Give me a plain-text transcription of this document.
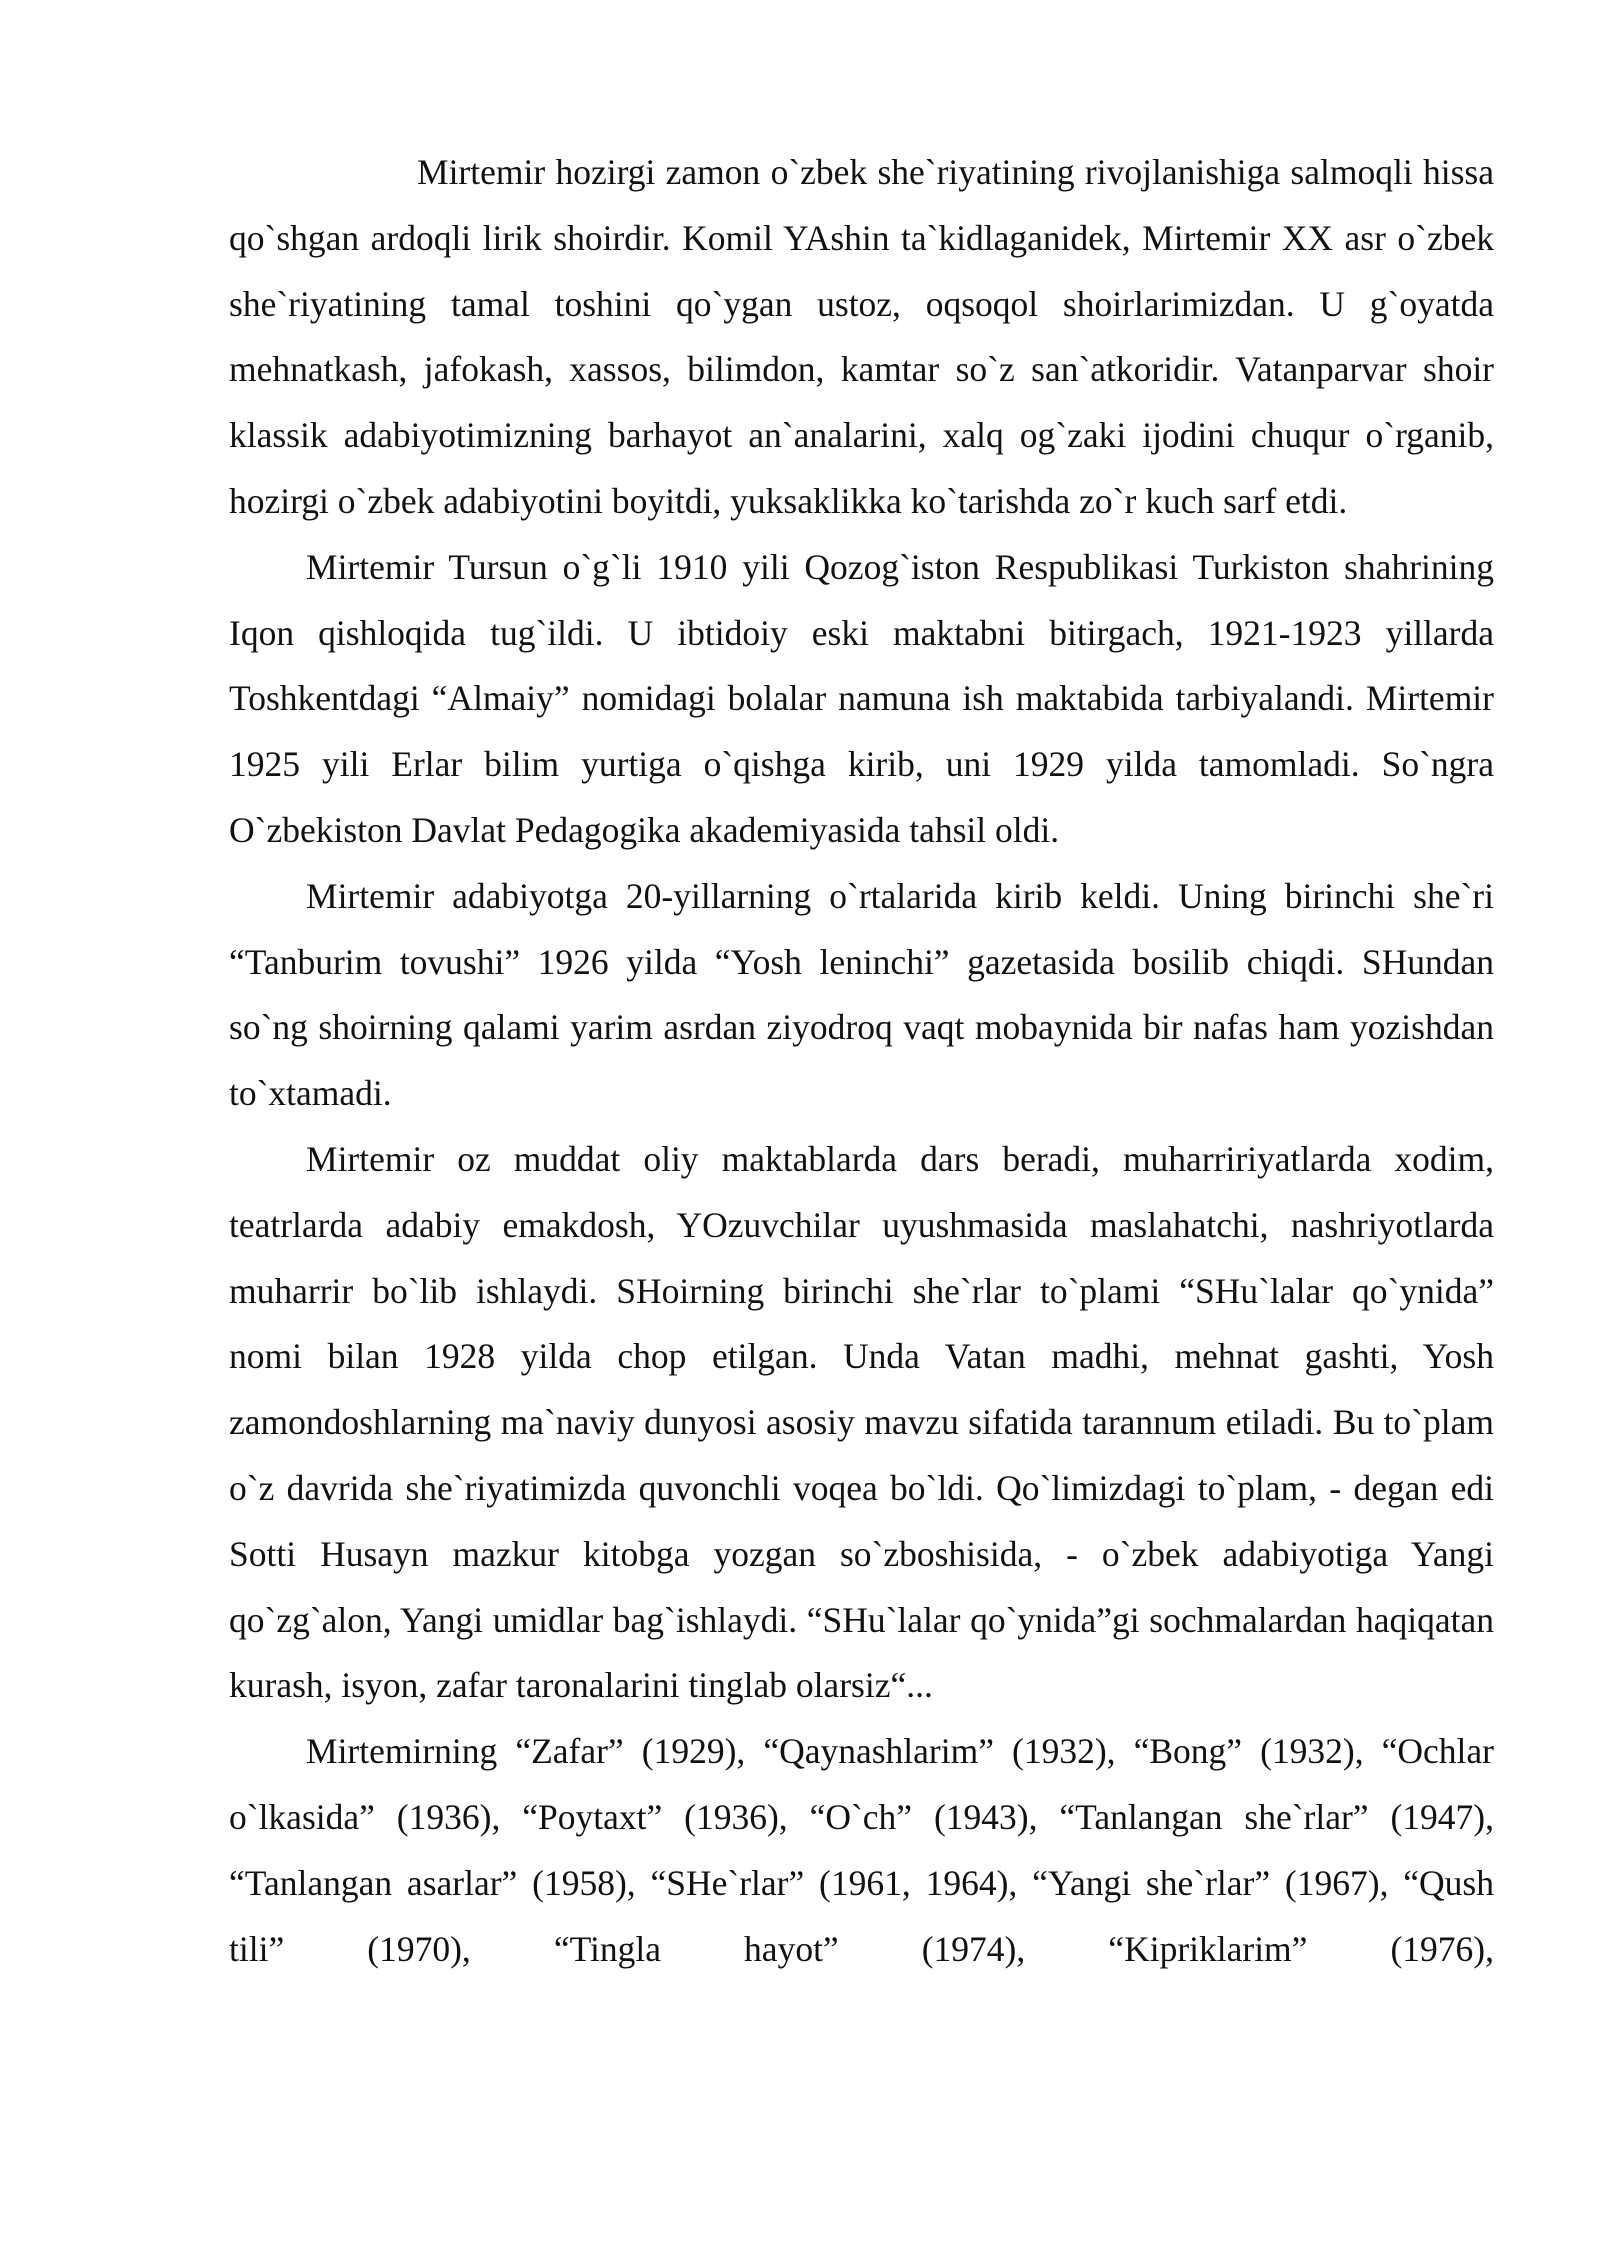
Mirtemir hozirgi zamon o`zbek she`riyatining rivojlanishiga salmoqli hissa qo`shgan ardoqli lirik shoirdir. Komil YAshin ta`kidlaganidek, Mirtemir XX asr o`zbek she`riyatining tamal toshini qo`ygan ustoz, oqsoqol shoirlarimizdan. U g`oyatda mehnatkash, jafokash, xassos, bilimdon, kamtar so`z san`atkoridir. Vatanparvar shoir klassik adabiyotimizning barhayot an`analarini, xalq og`zaki ijodini chuqur o`rganib, hozirgi o`zbek adabiyotini boyitdi, yuksaklikka ko`tarishda zo`r kuch sarf etdi.

Mirtemir Tursun o`g`li 1910 yili Qozog`iston Respublikasi Turkiston shahrining Iqon qishloqida tug`ildi. U ibtidoiy eski maktabni bitirgach, 1921-1923 yillarda Toshkentdagi “Almaiy” nomidagi bolalar namuna ish maktabida tarbiyalandi. Mirtemir 1925 yili Erlar bilim yurtiga o`qishga kirib, uni 1929 yilda tamomladi. So`ngra O`zbekiston Davlat Pedagogika akademiyasida tahsil oldi.

Mirtemir adabiyotga 20-yillarning o`rtalarida kirib keldi. Uning birinchi she`ri “Tanburim tovushi” 1926 yilda “Yosh leninchi” gazetasida bosilib chiqdi. SHundan so`ng shoirning qalami yarim asrdan ziyodroq vaqt mobaynida bir nafas ham yozishdan to`xtamadi.

Mirtemir oz muddat oliy maktablarda dars beradi, muharririyatlarda xodim, teatrlarda adabiy emakdosh, YOzuvchilar uyushmasida maslahatchi, nashriyotlarda muharrir bo`lib ishlaydi. SHoirning birinchi she`rlar to`plami “SHu`lalar qo`ynida” nomi bilan 1928 yilda chop etilgan. Unda Vatan madhi, mehnat gashti, Yosh zamondoshlarning ma`naviy dunyosi asosiy mavzu sifatida tarannum etiladi. Bu to`plam o`z davrida she`riyatimizda quvonchli voqea bo`ldi. Qo`limizdagi to`plam, - degan edi Sotti Husayn mazkur kitobga yozgan so`zboshisida, - o`zbek adabiyotiga Yangi qo`zg`alon, Yangi umidlar bag`ishlaydi. “SHu`lalar qo`ynida”gi sochmalardan haqiqatan kurash, isyon, zafar taronalarini tinglab olarsiz“...

Mirtemirning “Zafar” (1929), “Qaynashlarim” (1932), “Bong” (1932), “Ochlar o`lkasida” (1936), “Poytaxt” (1936), “O`ch” (1943), “Tanlangan she`rlar” (1947), “Tanlangan asarlar” (1958), “SHe`rlar” (1961, 1964), “Yangi she`rlar” (1967), “Qush tili” (1970), “Tingla hayot” (1974), “Kipriklarim” (1976),
